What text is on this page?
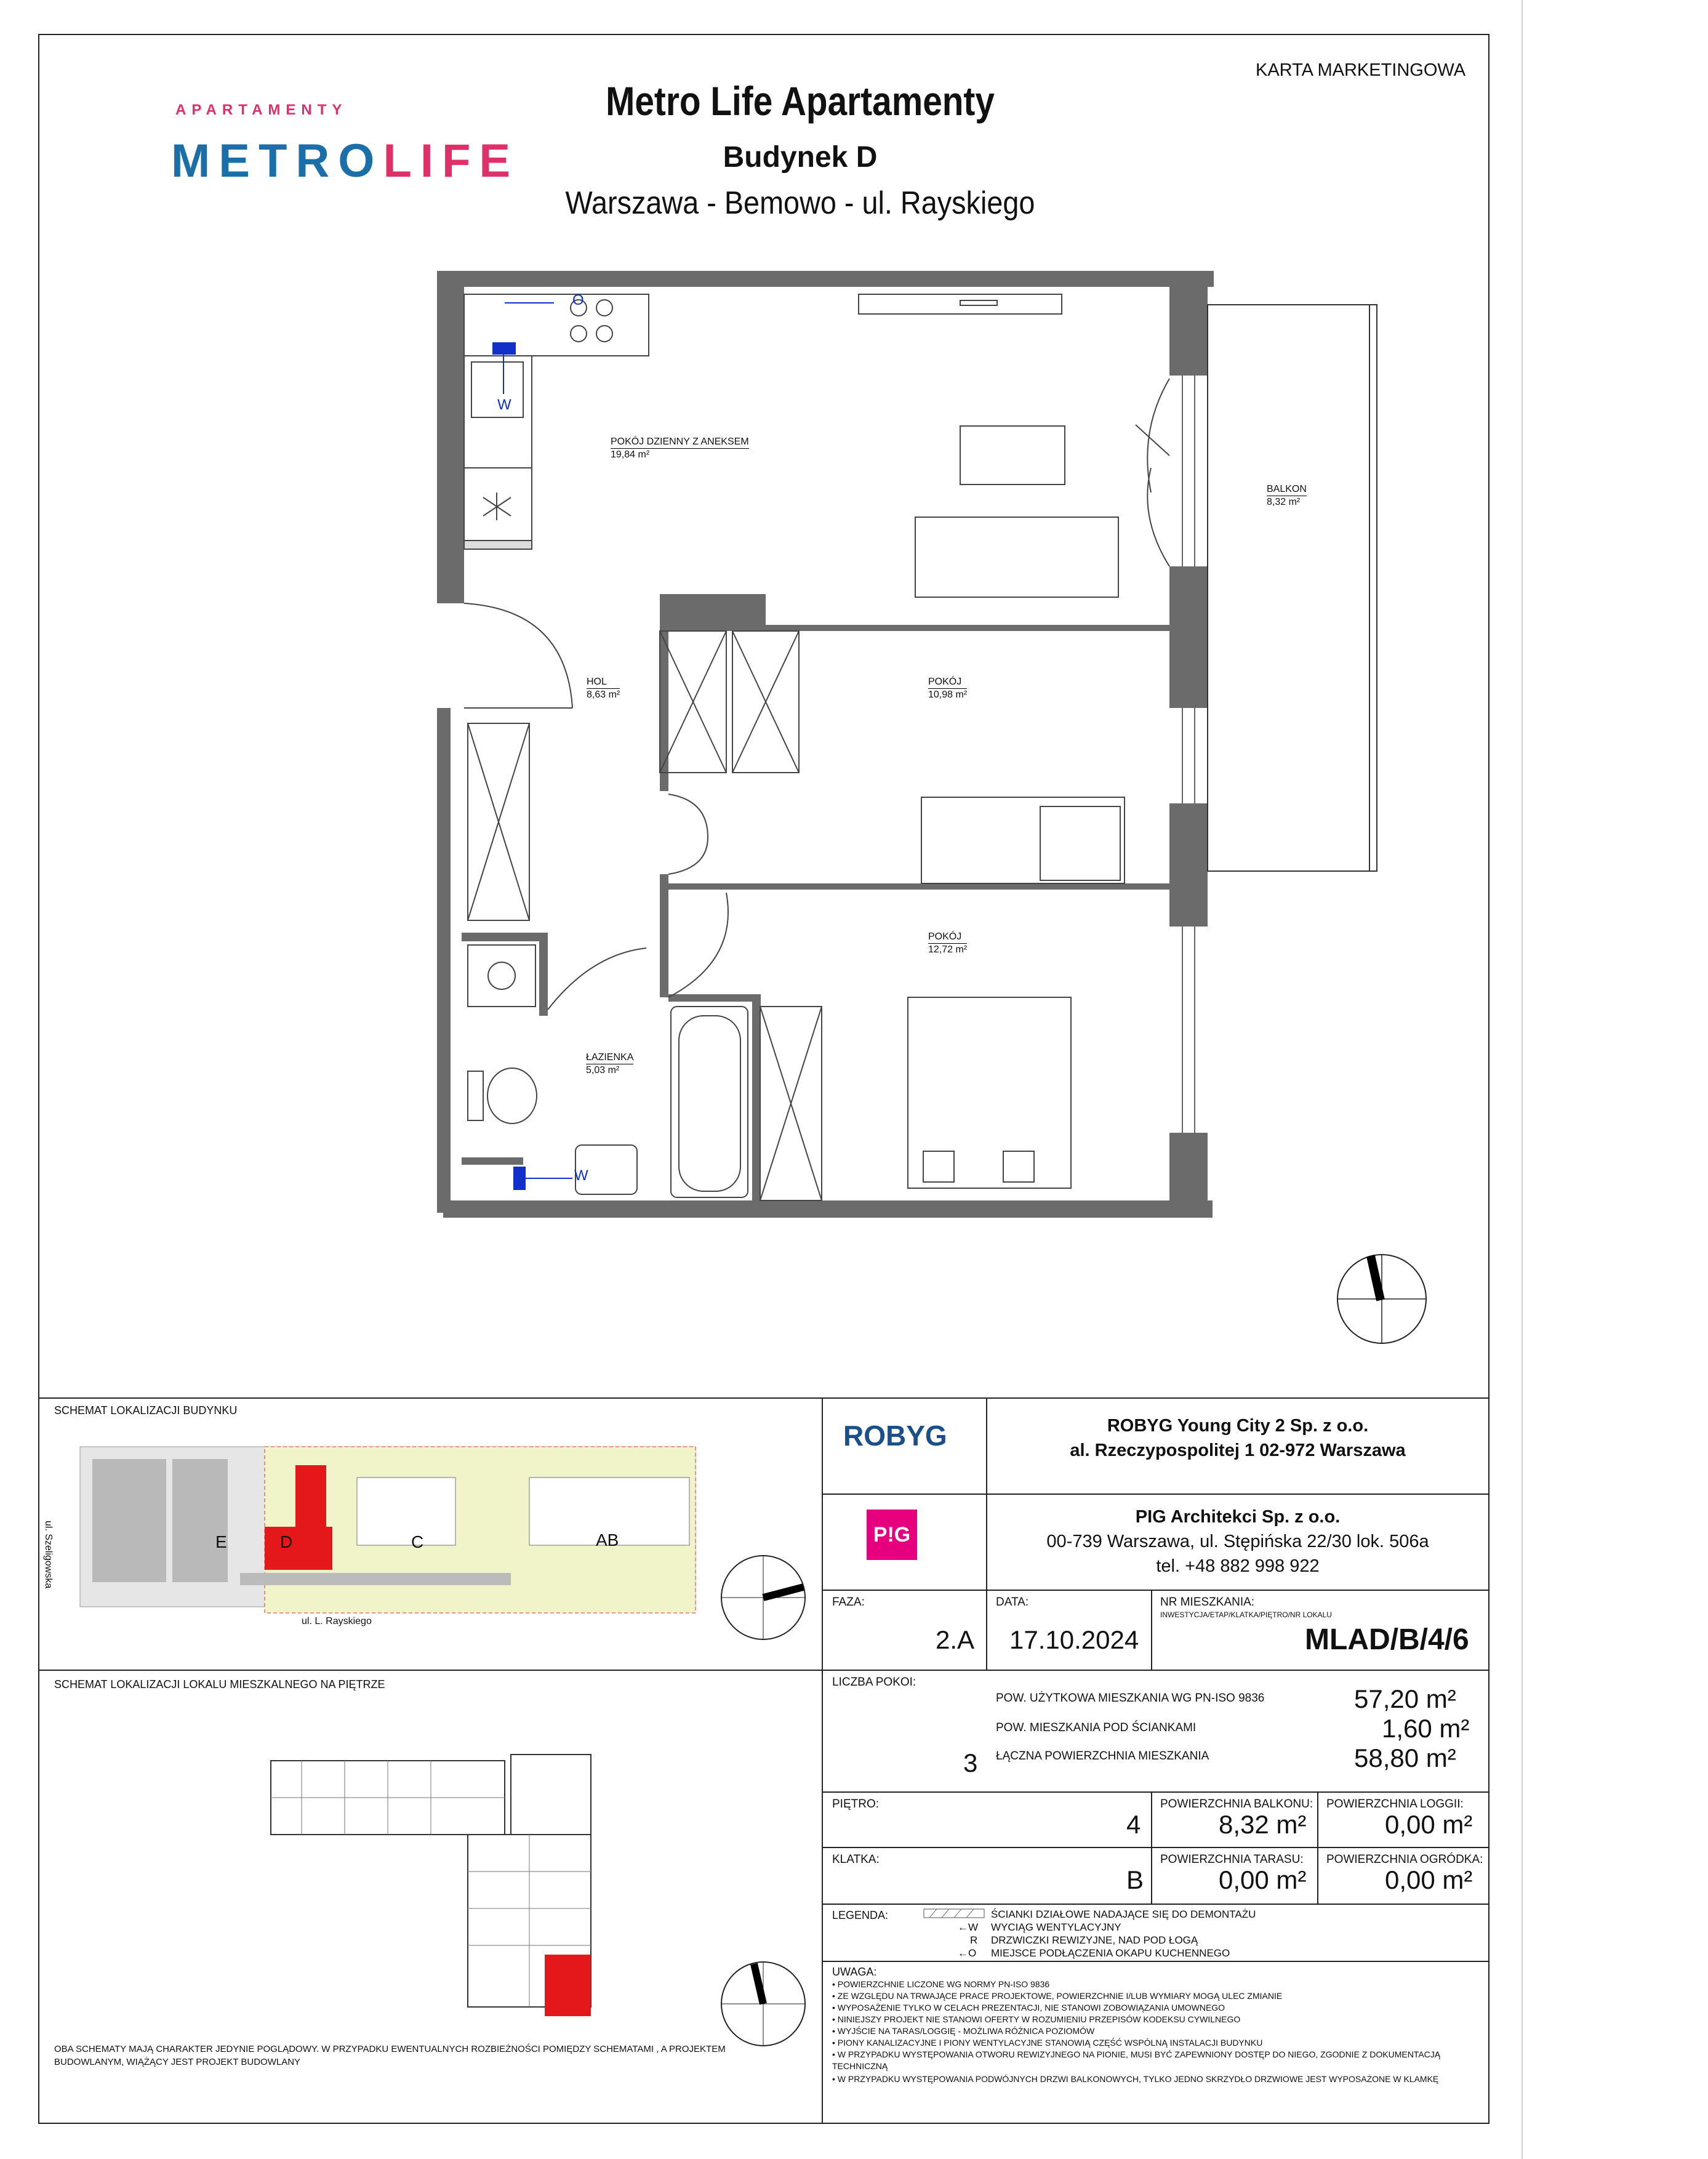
KARTA MARKETINGOWA
APARTAMENTY
METROLIFE
Metro Life Apartamenty
Budynek D
Warszawa - Bemowo - ul. Rayskiego
O
W
W
POKÓJ DZIENNY Z ANEKSEM
19,84 m²
BALKON
8,32 m²
HOL
8,63 m²
POKÓJ
10,98 m²
POKÓJ
12,72 m²
ŁAZIENKA
5,03 m²
SCHEMAT LOKALIZACJI BUDYNKU
E	D	C	AB
ul. L. Rayskiego
ul. Szeligowska
SCHEMAT LOKALIZACJI LOKALU MIESZKALNEGO NA PIĘTRZE
OBA SCHEMATY MAJĄ CHARAKTER JEDYNIE POGLĄDOWY. W PRZYPADKU EWENTUALNYCH ROZBIEŻNOŚCI POMIĘDZY SCHEMATAMI , A PROJEKTEM BUDOWLANYM, WIĄŻĄCY JEST PROJEKT BUDOWLANY
ROBYG	ROBYG Young City 2 Sp. z o.o.
al. Rzeczypospolitej 1 02-972 Warszawa
P!G
PIG Architekci Sp. z o.o.
00-739 Warszawa, ul. Stępińska 22/30 lok. 506a
tel. +48 882 998 922
FAZA:
2.A
DATA:
17.10.2024
NR MIESZKANIA:
INWESTYCJA/ETAP/KLATKA/PIĘTRO/NR LOKALU
MLAD/B/4/6
LICZBA POKOI:
3
POW. UŻYTKOWA MIESZKANIA WG PN-ISO 9836	57,20 m²
POW. MIESZKANIA POD ŚCIANKAMI	1,60 m²
ŁĄCZNA POWIERZCHNIA MIESZKANIA	58,80 m²
PIĘTRO:
4
POWIERZCHNIA BALKONU:
8,32 m²
POWIERZCHNIA LOGGII:
0,00 m²
KLATKA:
B
POWIERZCHNIA TARASU:
0,00 m²
POWIERZCHNIA OGRÓDKA:
0,00 m²
LEGENDA:	ŚCIANKI DZIAŁOWE NADAJĄCE SIĘ DO DEMONTAŻU
←W WYCIĄG WENTYLACYJNY
R DRZWICZKI REWIZYJNE, NAD POD ŁOGĄ
←O MIEJSCE PODŁĄCZENIA OKAPU KUCHENNEGO
UWAGA:
• POWIERZCHNIE LICZONE WG NORMY PN-ISO 9836
• ZE WZGLĘDU NA TRWAJĄCE PRACE PROJEKTOWE, POWIERZCHNIE I/LUB WYMIARY MOGĄ ULEC ZMIANIE
• WYPOSAŻENIE TYLKO W CELACH PREZENTACJI, NIE STANOWI ZOBOWIĄZANIA UMOWNEGO
• NINIEJSZY PROJEKT NIE STANOWI OFERTY W ROZUMIENIU PRZEPISÓW KODEKSU CYWILNEGO
• WYJŚCIE NA TARAS/LOGGIĘ - MOŻLIWA RÓŻNICA POZIOMÓW
• PIONY KANALIZACYJNE I PIONY WENTYLACYJNE STANOWIĄ CZĘŚĆ WSPÓLNĄ INSTALACJI BUDYNKU
• W PRZYPADKU WYSTĘPOWANIA OTWORU REWIZYJNEGO NA PIONIE, MUSI BYĆ ZAPEWNIONY DOSTĘP DO NIEGO, ZGODNIE Z DOKUMENTACJĄ TECHNICZNĄ
• W PRZYPADKU WYSTĘPOWANIA PODWÓJNYCH DRZWI BALKONOWYCH, TYLKO JEDNO SKRZYDŁO DRZWIOWE JEST WYPOSAŻONE W KLAMKĘ
